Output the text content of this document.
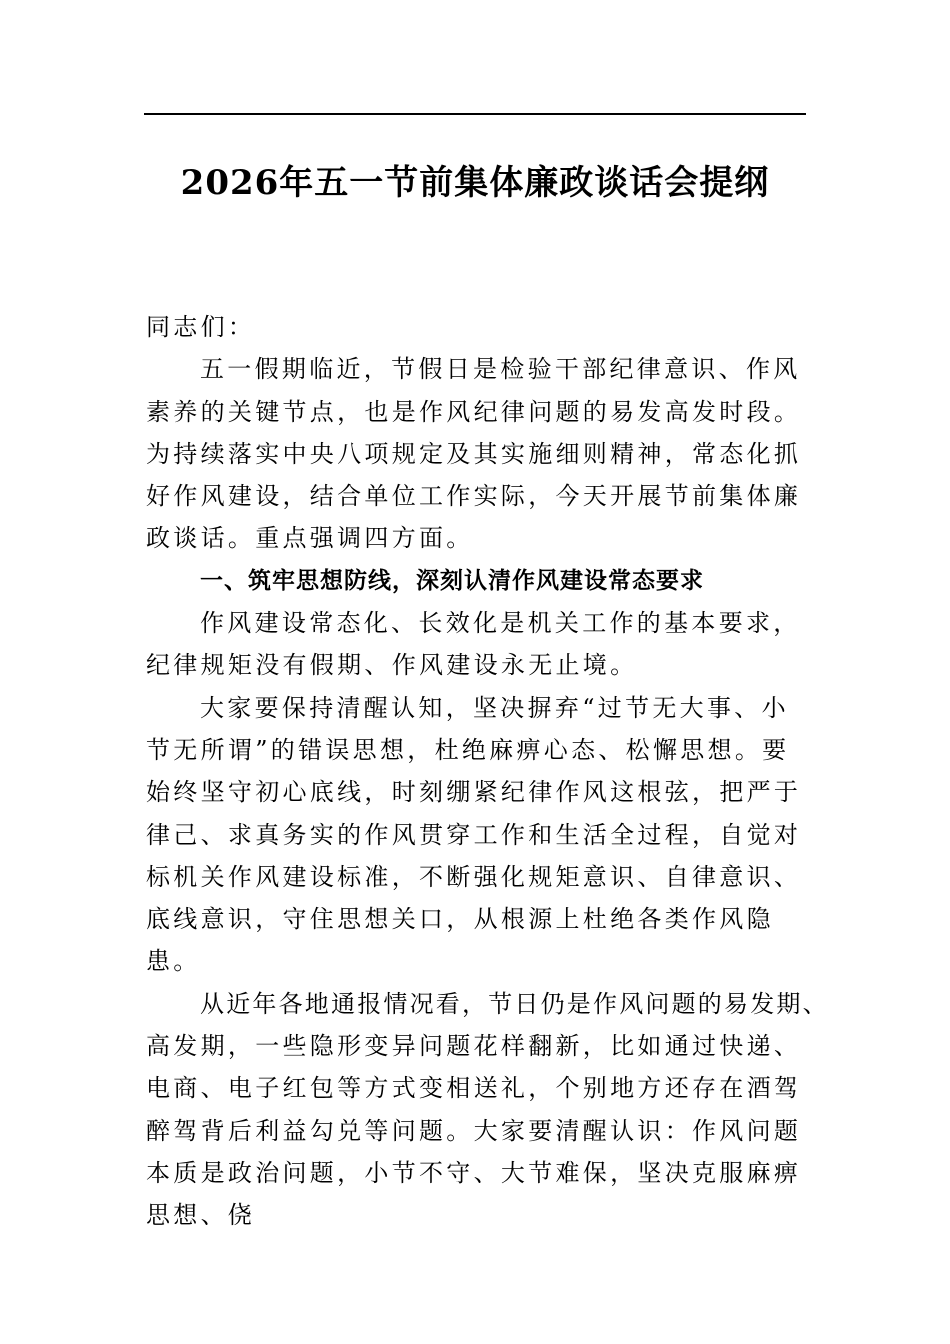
2026年五一节前集体廉政谈话会提纲

同志们：

五一假期临近，节假日是检验干部纪律意识、作风素养的关键节点，也是作风纪律问题的易发高发时段。为持续落实中央八项规定及其实施细则精神，常态化抓好作风建设，结合单位工作实际，今天开展节前集体廉政谈话。重点强调四方面。

一、筑牢思想防线，深刻认清作风建设常态要求

作风建设常态化、长效化是机关工作的基本要求，纪律规矩没有假期、作风建设永无止境。

大家要保持清醒认知，坚决摒弃“过节无大事、小节无所谓”的错误思想，杜绝麻痹心态、松懈思想。要始终坚守初心底线，时刻绷紧纪律作风这根弦，把严于律己、求真务实的作风贯穿工作和生活全过程，自觉对标机关作风建设标准，不断强化规矩意识、自律意识、底线意识，守住思想关口，从根源上杜绝各类作风隐患。

从近年各地通报情况看，节日仍是作风问题的易发期、高发期，一些隐形变异问题花样翻新，比如通过快递、电商、电子红包等方式变相送礼，个别地方还存在酒驾醉驾背后利益勾兑等问题。大家要清醒认识：作风问题本质是政治问题，小节不守、大节难保，坚决克服麻痹思想、侥
